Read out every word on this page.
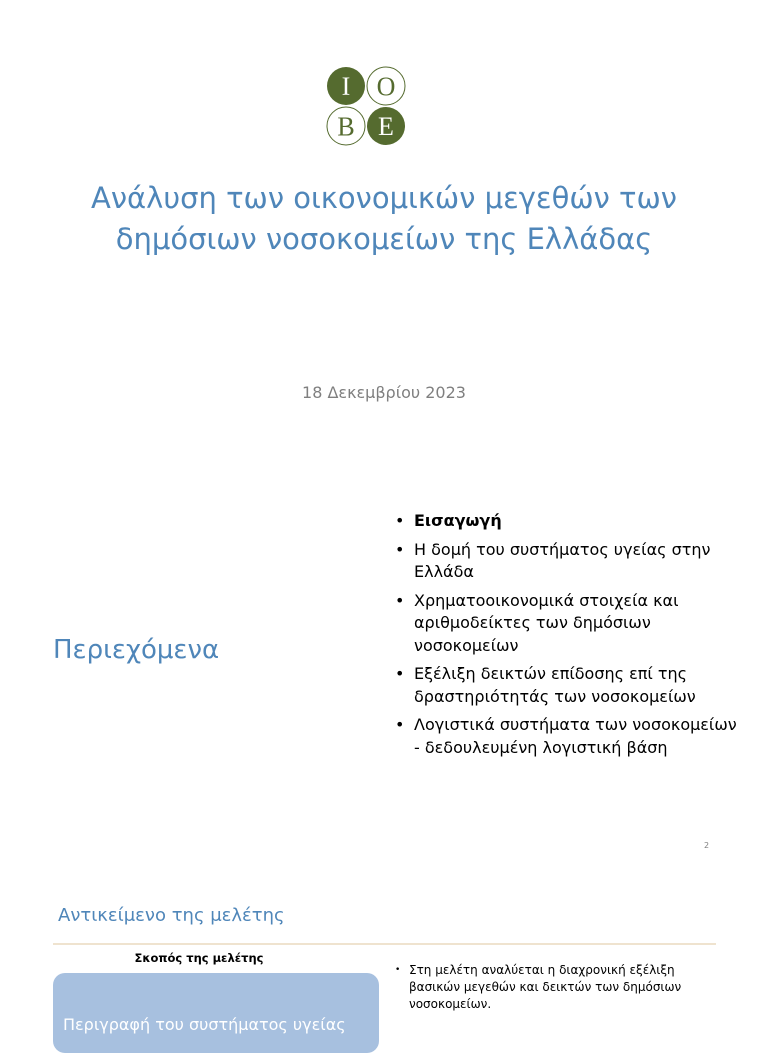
Ι Ο
Β Ε
Ανάλυση των οικονομικών μεγεθών των
δημόσιων νοσοκομείων της Ελλάδας
18 Δεκεμβρίου 2023
Περιεχόμενα
• Εισαγωγή
• Η δομή του συστήματος υγείας στην Ελλάδα
• Χρηματοοικονομικά στοιχεία και αριθμοδείκτες των δημόσιων νοσοκομείων
• Εξέλιξη δεικτών επίδοσης επί της δραστηριότητάς των νοσοκομείων
• Λογιστικά συστήματα των νοσοκομείων - δεδουλευμένη λογιστική βάση
2
Αντικείμενο της μελέτης
Σκοπός της μελέτης
Περιγραφή του συστήματος υγείας
• Στη μελέτη αναλύεται η διαχρονική εξέλιξη βασικών μεγεθών και δεικτών των δημόσιων νοσοκομείων.
